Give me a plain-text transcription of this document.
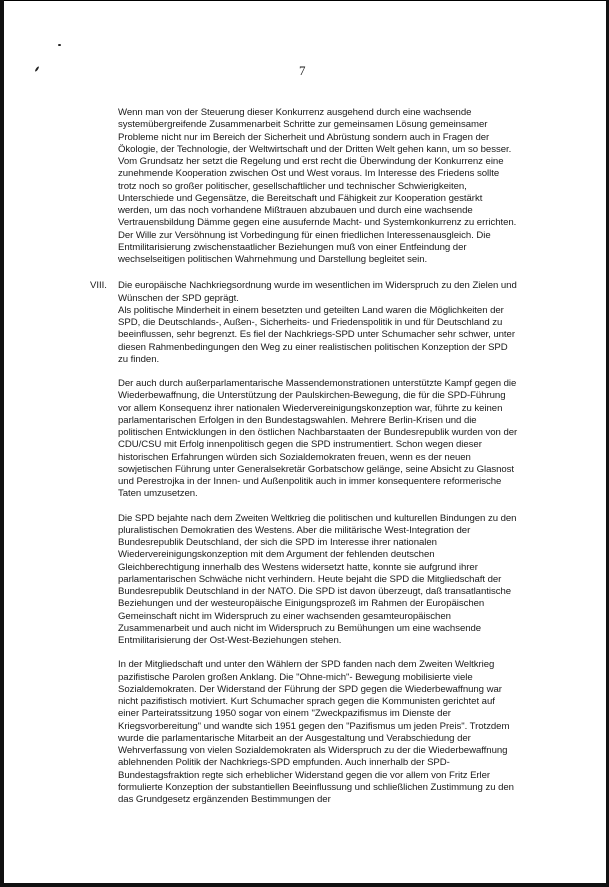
7

Wenn man von der Steuerung dieser Konkurrenz ausgehend durch eine wachsende systemübergreifende Zusammenarbeit Schritte zur gemeinsamen Lösung gemeinsamer Probleme nicht nur im Bereich der Sicherheit und Abrüstung sondern auch in Fragen der Ökologie, der Technologie, der Weltwirtschaft und der Dritten Welt gehen kann, um so besser. Vom Grundsatz her setzt die Regelung und erst recht die Überwindung der Konkurrenz eine zunehmende Kooperation zwischen Ost und West voraus. Im Interesse des Friedens sollte trotz noch so großer politischer, gesellschaftlicher und technischer Schwierigkeiten, Unterschiede und Gegensätze, die Bereitschaft und Fähigkeit zur Kooperation gestärkt werden, um das noch vorhandene Mißtrauen abzubauen und durch eine wachsende Vertrauensbildung Dämme gegen eine ausufernde Macht- und Systemkonkurrenz zu errichten. Der Wille zur Versöhnung ist Vorbedingung für einen friedlichen Interessenausgleich. Die Entmilitarisierung zwischenstaatlicher Beziehungen muß von einer Entfeindung der wechselseitigen politischen Wahrnehmung und Darstellung begleitet sein.

VIII. Die europäische Nachkriegsordnung wurde im wesentlichen im Widerspruch zu den Zielen und Wünschen der SPD geprägt.

Als politische Minderheit in einem besetzten und geteilten Land waren die Möglichkeiten der SPD, die Deutschlands-, Außen-, Sicherheits- und Friedenspolitik in und für Deutschland zu beeinflussen, sehr begrenzt. Es fiel der Nachkriegs-SPD unter Schumacher sehr schwer, unter diesen Rahmenbedingungen den Weg zu einer realistischen politischen Konzeption der SPD zu finden.

Der auch durch außerparlamentarische Massendemonstrationen unterstützte Kampf gegen die Wiederbewaffnung, die Unterstützung der Paulskirchen-Bewegung, die für die SPD-Führung vor allem Konsequenz ihrer nationalen Wiedervereinigungskonzeption war, führte zu keinen parlamentarischen Erfolgen in den Bundestagswahlen. Mehrere Berlin-Krisen und die politischen Entwicklungen in den östlichen Nachbarstaaten der Bundesrepublik wurden von der CDU/CSU mit Erfolg innenpolitisch gegen die SPD instrumentiert. Schon wegen dieser historischen Erfahrungen würden sich Sozialdemokraten freuen, wenn es der neuen sowjetischen Führung unter Generalsekretär Gorbatschow gelänge, seine Absicht zu Glasnost und Perestrojka in der Innen- und Außenpolitik auch in immer konsequentere reformerische Taten umzusetzen.

Die SPD bejahte nach dem Zweiten Weltkrieg die politischen und kulturellen Bindungen zu den pluralistischen Demokratien des Westens. Aber die militärische West-Integration der Bundesrepublik Deutschland, der sich die SPD im Interesse ihrer nationalen Wiedervereinigungskonzeption mit dem Argument der fehlenden deutschen Gleichberechtigung innerhalb des Westens widersetzt hatte, konnte sie aufgrund ihrer parlamentarischen Schwäche nicht verhindern. Heute bejaht die SPD die Mitgliedschaft der Bundesrepublik Deutschland in der NATO. Die SPD ist davon überzeugt, daß transatlantische Beziehungen und der westeuropäische Einigungsprozeß im Rahmen der Europäischen Gemeinschaft nicht im Widerspruch zu einer wachsenden gesamteuropäischen Zusammenarbeit und auch nicht im Widerspruch zu Bemühungen um eine wachsende Entmilitarisierung der Ost-West-Beziehungen stehen.

In der Mitgliedschaft und unter den Wählern der SPD fanden nach dem Zweiten Weltkrieg pazifistische Parolen großen Anklang. Die "Ohne-mich"- Bewegung mobilisierte viele Sozialdemokraten. Der Widerstand der Führung der SPD gegen die Wiederbewaffnung war nicht pazifistisch motiviert. Kurt Schumacher sprach gegen die Kommunisten gerichtet auf einer Parteiratssitzung 1950 sogar von einem "Zweckpazifismus im Dienste der Kriegsvorbereitung" und wandte sich 1951 gegen den "Pazifismus um jeden Preis". Trotzdem wurde die parlamentarische Mitarbeit an der Ausgestaltung und Verabschiedung der Wehrverfassung von vielen Sozialdemokraten als Widerspruch zu der die Wiederbewaffnung ablehnenden Politik der Nachkriegs-SPD empfunden. Auch innerhalb der SPD-Bundestagsfraktion regte sich erheblicher Widerstand gegen die vor allem von Fritz Erler formulierte Konzeption der substantiellen Beeinflussung und schließlichen Zustimmung zu den das Grundgesetz ergänzenden Bestimmungen der
